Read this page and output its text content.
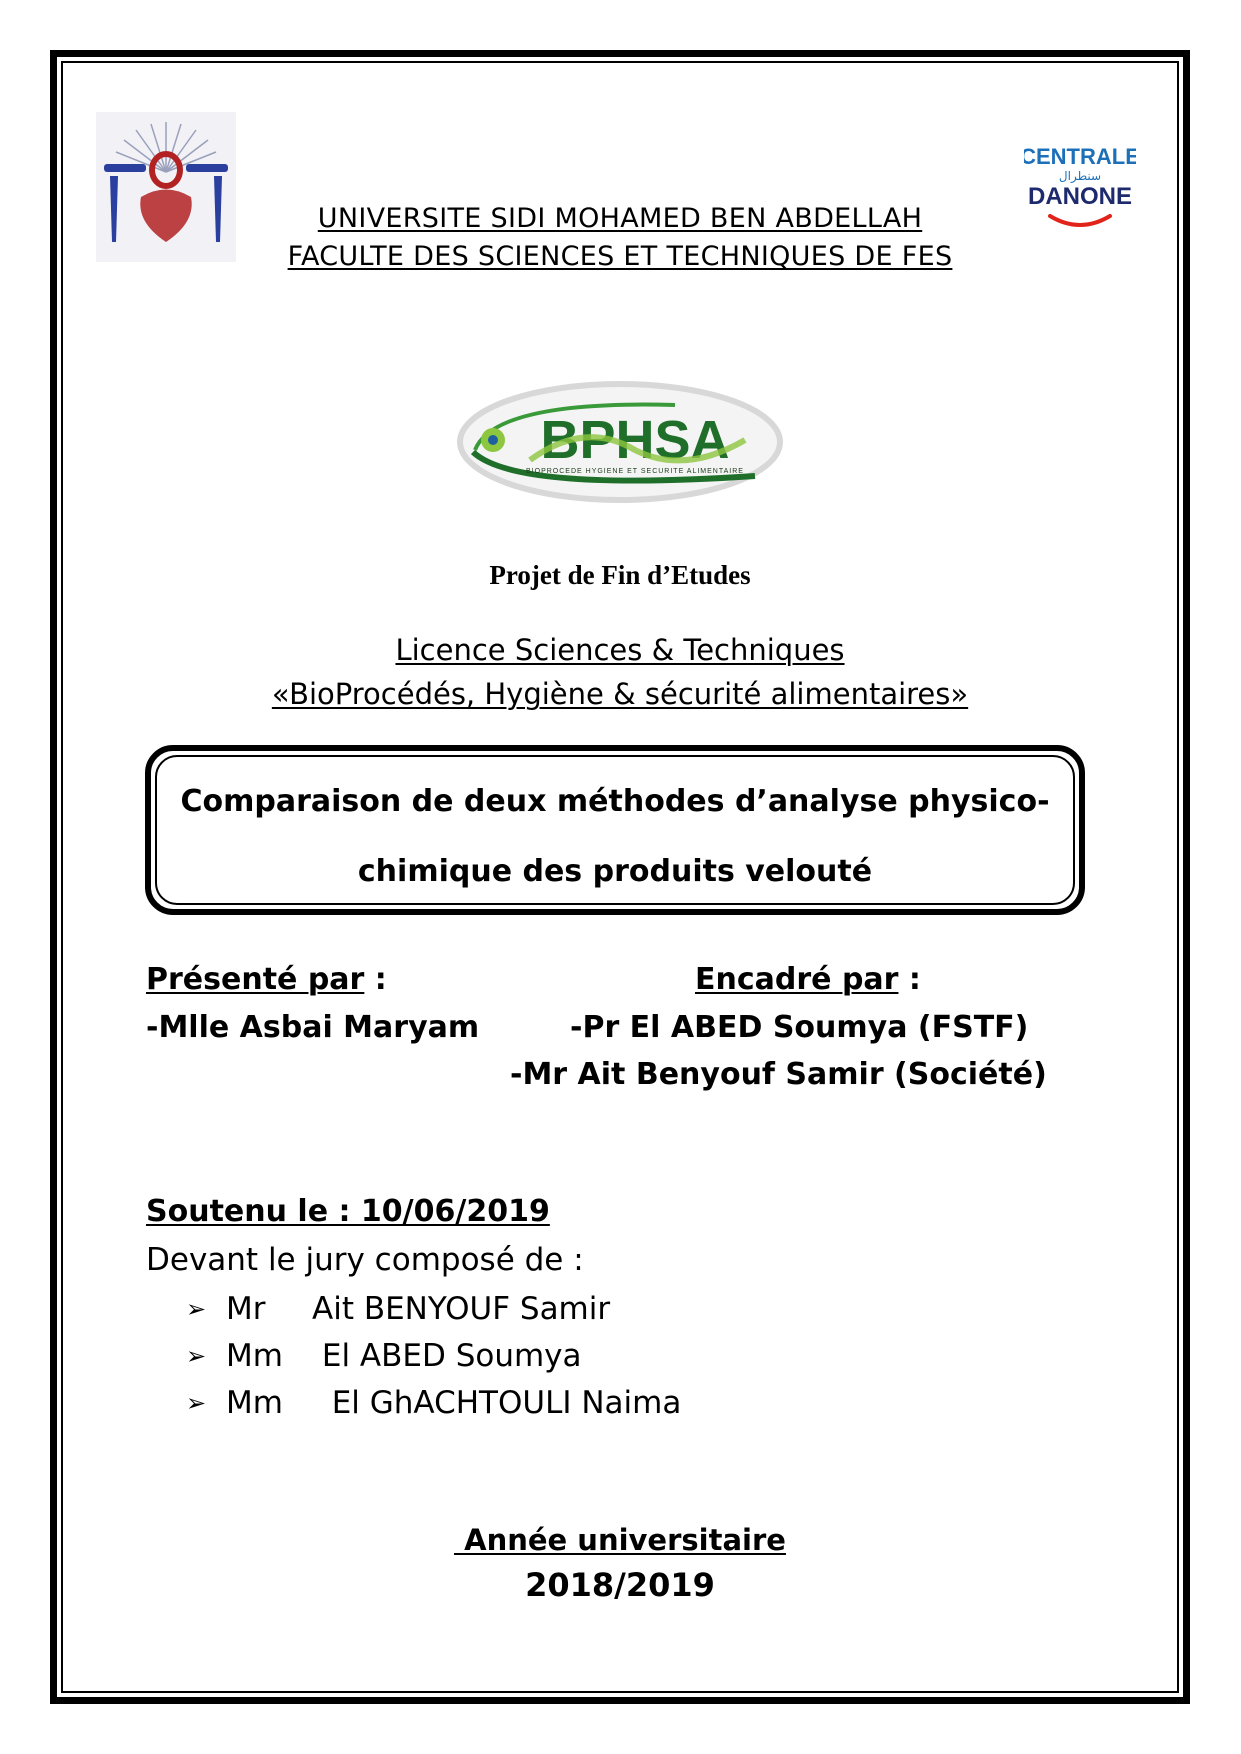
CENTRALE
سنطرال
DANONE
UNIVERSITE SIDI MOHAMED BEN ABDELLAH
FACULTE DES SCIENCES ET TECHNIQUES DE FES
BPHSA
BIOPROCEDE HYGIENE ET SECURITE ALIMENTAIRE
Projet de Fin d’Etudes
Licence Sciences & Techniques
«BioProcédés, Hygiène & sécurité alimentaires»
Comparaison de deux méthodes d’analyse physico-
chimique des produits velouté
Présenté par :
-Mlle Asbai Maryam
Encadré par :
-Pr El ABED Soumya (FSTF)
-Mr Ait Benyouf Samir (Société)
Soutenu le : 10/06/2019
Devant le jury composé de :
➢ Mr	Ait BENYOUF Samir
➢ Mm El ABED Soumya
➢ Mm El GhACHTOULI Naima
Année universitaire
2018/2019
